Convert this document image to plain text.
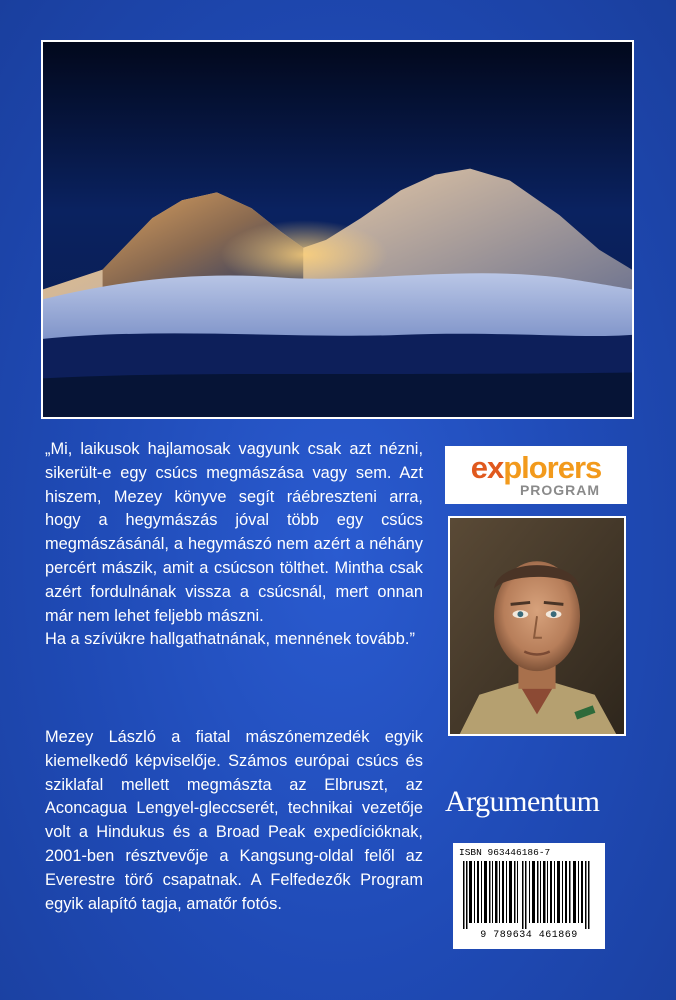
„Mi, laikusok hajlamosak vagyunk csak azt nézni, sikerült-e egy csúcs megmászása vagy sem. Azt hiszem, Mezey könyve segít ráébreszteni arra, hogy a hegymászás jóval több egy csúcs megmászásánál, a hegymászó nem azért a néhány percért mászik, amit a csúcson tölthet. Mintha csak azért fordulnának vissza a csúcsnál, mert onnan már nem lehet feljebb mászni.

Ha a szívükre hallgathatnának, mennének tovább.”

Mezey László a fiatal mászónemzedék egyik kiemelkedő képviselője. Számos európai csúcs és sziklafal mellett megmászta az Elbruszt, az Aconcagua Lengyel-gleccserét, technikai vezetője volt a Hindukus és a Broad Peak expedícióknak, 2001-ben résztvevője a Kangsung-oldal felől az Everestre törő csapatnak. A Felfedezők Program egyik alapító tagja, amatőr fotós.

explorers
PROGRAM
Argumentum
ISBN 963446186-7
9 789634 461869
